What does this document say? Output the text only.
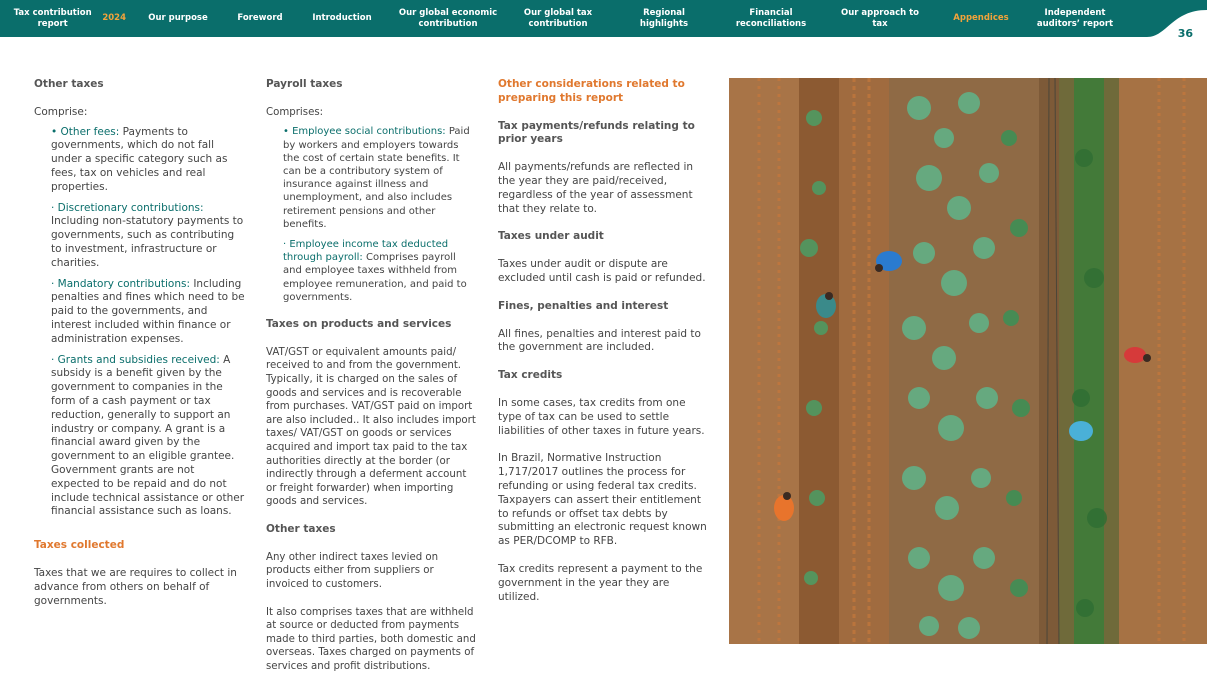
Tax contribution report

2024	Our purpose	Foreword	Introduction
Our global economic contribution
Our global tax contribution
Regional highlights
Financial reconciliations
Our approach to tax
Appendices
Independent auditors’ report
36
Other taxes

Comprise:

• Other fees: Payments to governments, which do not fall under a specific category such as fees, tax on vehicles and real properties.
· Discretionary contributions: Including non-statutory payments to governments, such as contributing to investment, infrastructure or charities.
· Mandatory contributions: Including penalties and fines which need to be paid to the governments, and interest included within finance or administration expenses.
· Grants and subsidies received: A subsidy is a benefit given by the government to companies in the form of a cash payment or tax reduction, generally to support an industry or company. A grant is a financial award given by the government to an eligible grantee. Government grants are not expected to be repaid and do not include technical assistance or other financial assistance such as loans.
Taxes collected

Taxes that we are requires to collect in advance from others on behalf of governments.

Payroll taxes

Comprises:

• Employee social contributions: Paid by workers and employers towards the cost of certain state benefits. It can be a contributory system of insurance against illness and unemployment, and also includes retirement pensions and other benefits.
· Employee income tax deducted through payroll: Comprises payroll and employee taxes withheld from employee remuneration, and paid to governments.
Taxes on products and services

VAT/GST or equivalent amounts paid/ received to and from the government. Typically, it is charged on the sales of goods and services and is recoverable from purchases. VAT/GST paid on import are also included.. It also includes import taxes/ VAT/GST on goods or services acquired and import tax paid to the tax authorities directly at the border (or indirectly through a deferment account or freight forwarder) when importing goods and services.

Other taxes

Any other indirect taxes levied on products either from suppliers or invoiced to customers.

It also comprises taxes that are withheld at source or deducted from payments made to third parties, both domestic and overseas. Taxes charged on payments of services and profit distributions.

Other considerations related to preparing this report
Tax payments/refunds relating to prior years

All payments/refunds are reflected in the year they are paid/received, regardless of the year of assessment that they relate to.

Taxes under audit

Taxes under audit or dispute are excluded until cash is paid or refunded.

Fines, penalties and interest

All fines, penalties and interest paid to the government are included.

Tax credits

In some cases, tax credits from one type of tax can be used to settle liabilities of other taxes in future years.

In Brazil, Normative Instruction 1,717/2017 outlines the process for refunding or using federal tax credits. Taxpayers can assert their entitlement to refunds or offset tax debts by submitting an electronic request known as PER/DCOMP to RFB.

Tax credits represent a payment to the government in the year they are utilized.
